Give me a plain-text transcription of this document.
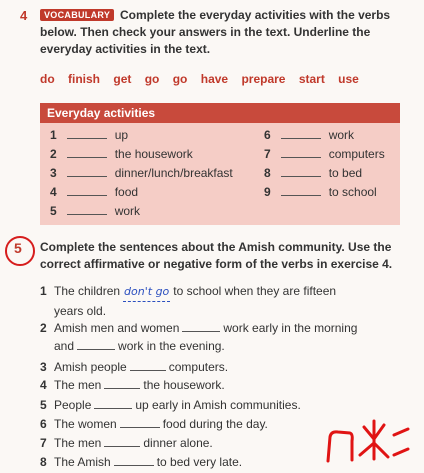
4	Complete the everyday activities with the verbs below. Then check your answers in the text. Underline the everyday activities in the text.
VOCABULARY
do finish get go go have prepare start use
Everyday activities
1	up
2	the housework
3	dinner/lunch/breakfast
4	food
5	work
6	work
7	computers
8	to bed
9	to school
5 Complete the sentences about the Amish community. Use the correct affirmative or negative form of the verbs in exercise 4.
1 The children don't go to school when they are fifteen
years old.
2 Amish men and women	work early in the morning
and	work in the evening.
3 Amish people	computers.
4 The men	the housework.
5 People	up early in Amish communities.
6 The women	food during the day.
7 The men	dinner alone.
8 The Amish	to bed very late.
